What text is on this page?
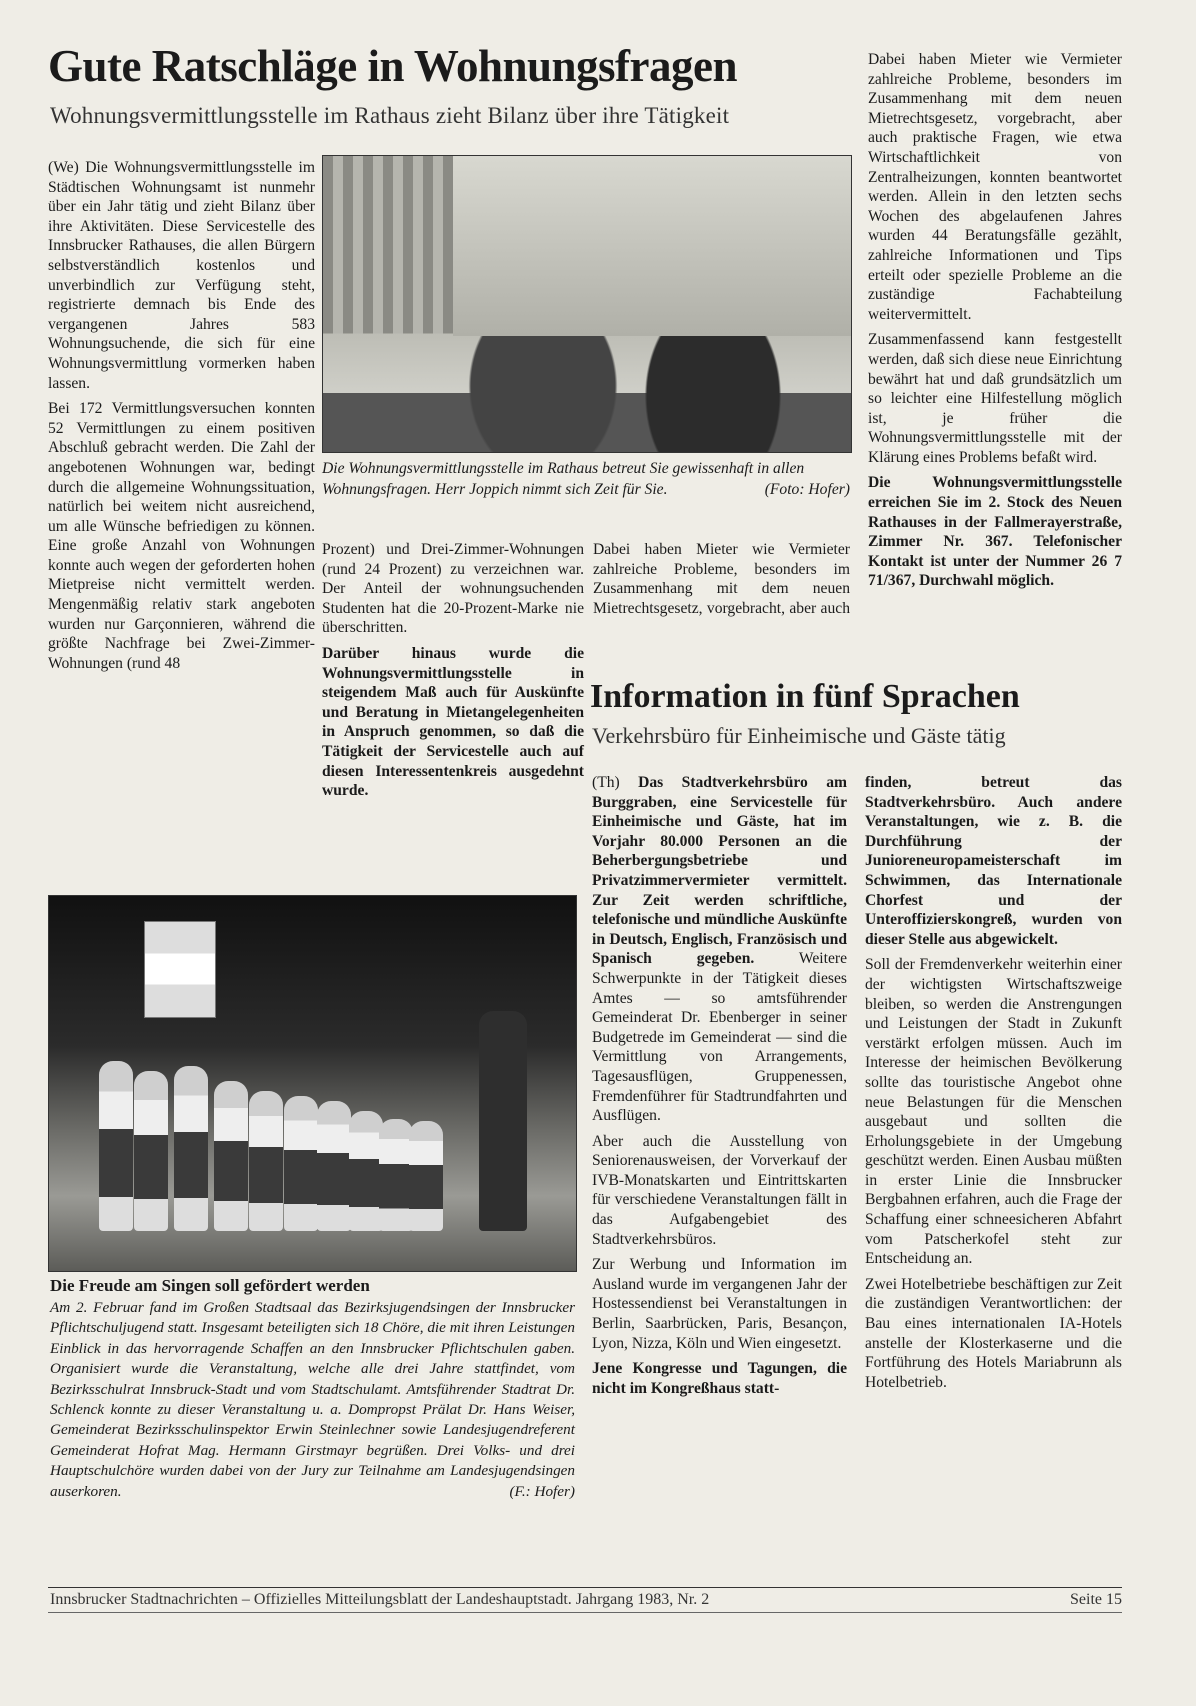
Gute Ratschläge in Wohnungsfragen
Wohnungsvermittlungsstelle im Rathaus zieht Bilanz über ihre Tätigkeit

(We) Die Wohnungsvermittlungsstelle im Städtischen Wohnungsamt ist nunmehr über ein Jahr tätig und zieht Bilanz über ihre Aktivitäten. Diese Servicestelle des Innsbrucker Rathauses, die allen Bürgern selbstverständlich kostenlos und unverbindlich zur Verfügung steht, registrierte demnach bis Ende des vergangenen Jahres 583 Wohnungsuchende, die sich für eine Wohnungsvermittlung vormerken haben lassen.

Bei 172 Vermittlungsversuchen konnten 52 Vermittlungen zu einem positiven Abschluß gebracht werden. Die Zahl der angebotenen Wohnungen war, bedingt durch die allgemeine Wohnungssituation, natürlich bei weitem nicht ausreichend, um alle Wünsche befriedigen zu können. Eine große Anzahl von Wohnungen konnte auch wegen der geforderten hohen Mietpreise nicht vermittelt werden. Mengenmäßig relativ stark angeboten wurden nur Garçonnieren, während die größte Nachfrage bei Zwei-Zimmer-Wohnungen (rund 48

Die Wohnungsvermittlungsstelle im Rathaus betreut Sie gewissenhaft in allen Wohnungsfragen. Herr Joppich nimmt sich Zeit für Sie.	(Foto: Hofer)

Prozent) und Drei-Zimmer-Wohnungen (rund 24 Prozent) zu verzeichnen war. Der Anteil der wohnungsuchenden Studenten hat die 20-Prozent-Marke nie überschritten.

Darüber hinaus wurde die Wohnungsvermittlungsstelle in steigendem Maß auch für Auskünfte und Beratung in Mietangelegenheiten in Anspruch genommen, so daß die Tätigkeit der Servicestelle auch auf diesen Interessentenkreis ausgedehnt wurde.

Dabei haben Mieter wie Vermieter zahlreiche Probleme, besonders im Zusammenhang mit dem neuen Mietrechtsgesetz, vorgebracht, aber auch

Dabei haben Mieter wie Vermieter zahlreiche Probleme, besonders im Zusammenhang mit dem neuen Mietrechtsgesetz, vorgebracht, aber auch praktische Fragen, wie etwa Wirtschaftlichkeit von Zentralheizungen, konnten beantwortet werden. Allein in den letzten sechs Wochen des abgelaufenen Jahres wurden 44 Beratungsfälle gezählt, zahlreiche Informationen und Tips erteilt oder spezielle Probleme an die zuständige Fachabteilung weitervermittelt.

Zusammenfassend kann festgestellt werden, daß sich diese neue Einrichtung bewährt hat und daß grundsätzlich um so leichter eine Hilfestellung möglich ist, je früher die Wohnungsvermittlungsstelle mit der Klärung eines Problems befaßt wird.

Die Wohnungsvermittlungsstelle erreichen Sie im 2. Stock des Neuen Rathauses in der Fallmerayerstraße, Zimmer Nr. 367. Telefonischer Kontakt ist unter der Nummer 26 7 71/367, Durchwahl möglich.

Die Freude am Singen soll gefördert werden
Am 2. Februar fand im Großen Stadtsaal das Bezirksjugendsingen der Innsbrucker Pflichtschuljugend statt. Insgesamt beteiligten sich 18 Chöre, die mit ihren Leistungen Einblick in das hervorragende Schaffen an den Innsbrucker Pflichtschulen gaben. Organisiert wurde die Veranstaltung, welche alle drei Jahre stattfindet, vom Bezirksschulrat Innsbruck-Stadt und vom Stadtschulamt. Amtsführender Stadtrat Dr. Schlenck konnte zu dieser Veranstaltung u. a. Dompropst Prälat Dr. Hans Weiser, Gemeinderat Bezirksschulinspektor Erwin Steinlechner sowie Landesjugendreferent Gemeinderat Hofrat Mag. Hermann Girstmayr begrüßen. Drei Volks- und drei Hauptschulchöre wurden dabei von der Jury zur Teilnahme am Landesjugendsingen auserkoren.	(F.: Hofer)
Information in fünf Sprachen
Verkehrsbüro für Einheimische und Gäste tätig

(Th) Das Stadtverkehrsbüro am Burggraben, eine Servicestelle für Einheimische und Gäste, hat im Vorjahr 80.000 Personen an die Beherbergungsbetriebe und Privatzimmervermieter vermittelt. Zur Zeit werden schriftliche, telefonische und mündliche Auskünfte in Deutsch, Englisch, Französisch und Spanisch gegeben. Weitere Schwerpunkte in der Tätigkeit dieses Amtes — so amtsführender Gemeinderat Dr. Ebenberger in seiner Budgetrede im Gemeinderat — sind die Vermittlung von Arrangements, Tagesausflügen, Gruppenessen, Fremdenführer für Stadtrundfahrten und Ausflügen.

Aber auch die Ausstellung von Seniorenausweisen, der Vorverkauf der IVB-Monatskarten und Eintrittskarten für verschiedene Veranstaltungen fällt in das Aufgabengebiet des Stadtverkehrsbüros.

Zur Werbung und Information im Ausland wurde im vergangenen Jahr der Hostessendienst bei Veranstaltungen in Berlin, Saarbrücken, Paris, Besançon, Lyon, Nizza, Köln und Wien eingesetzt.

Jene Kongresse und Tagungen, die nicht im Kongreßhaus statt-

finden, betreut das Stadtverkehrsbüro. Auch andere Veranstaltungen, wie z. B. die Durchführung der Junioreneuropameisterschaft im Schwimmen, das Internationale Chorfest und der Unteroffizierskongreß, wurden von dieser Stelle aus abgewickelt.

Soll der Fremdenverkehr weiterhin einer der wichtigsten Wirtschaftszweige bleiben, so werden die Anstrengungen und Leistungen der Stadt in Zukunft verstärkt erfolgen müssen. Auch im Interesse der heimischen Bevölkerung sollte das touristische Angebot ohne neue Belastungen für die Menschen ausgebaut und sollten die Erholungsgebiete in der Umgebung geschützt werden. Einen Ausbau müßten in erster Linie die Innsbrucker Bergbahnen erfahren, auch die Frage der Schaffung einer schneesicheren Abfahrt vom Patscherkofel steht zur Entscheidung an.

Zwei Hotelbetriebe beschäftigen zur Zeit die zuständigen Verantwortlichen: der Bau eines internationalen IA-Hotels anstelle der Klosterkaserne und die Fortführung des Hotels Mariabrunn als Hotelbetrieb.

Innsbrucker Stadtnachrichten – Offizielles Mitteilungsblatt der Landeshauptstadt. Jahrgang 1983, Nr. 2	Seite 15
